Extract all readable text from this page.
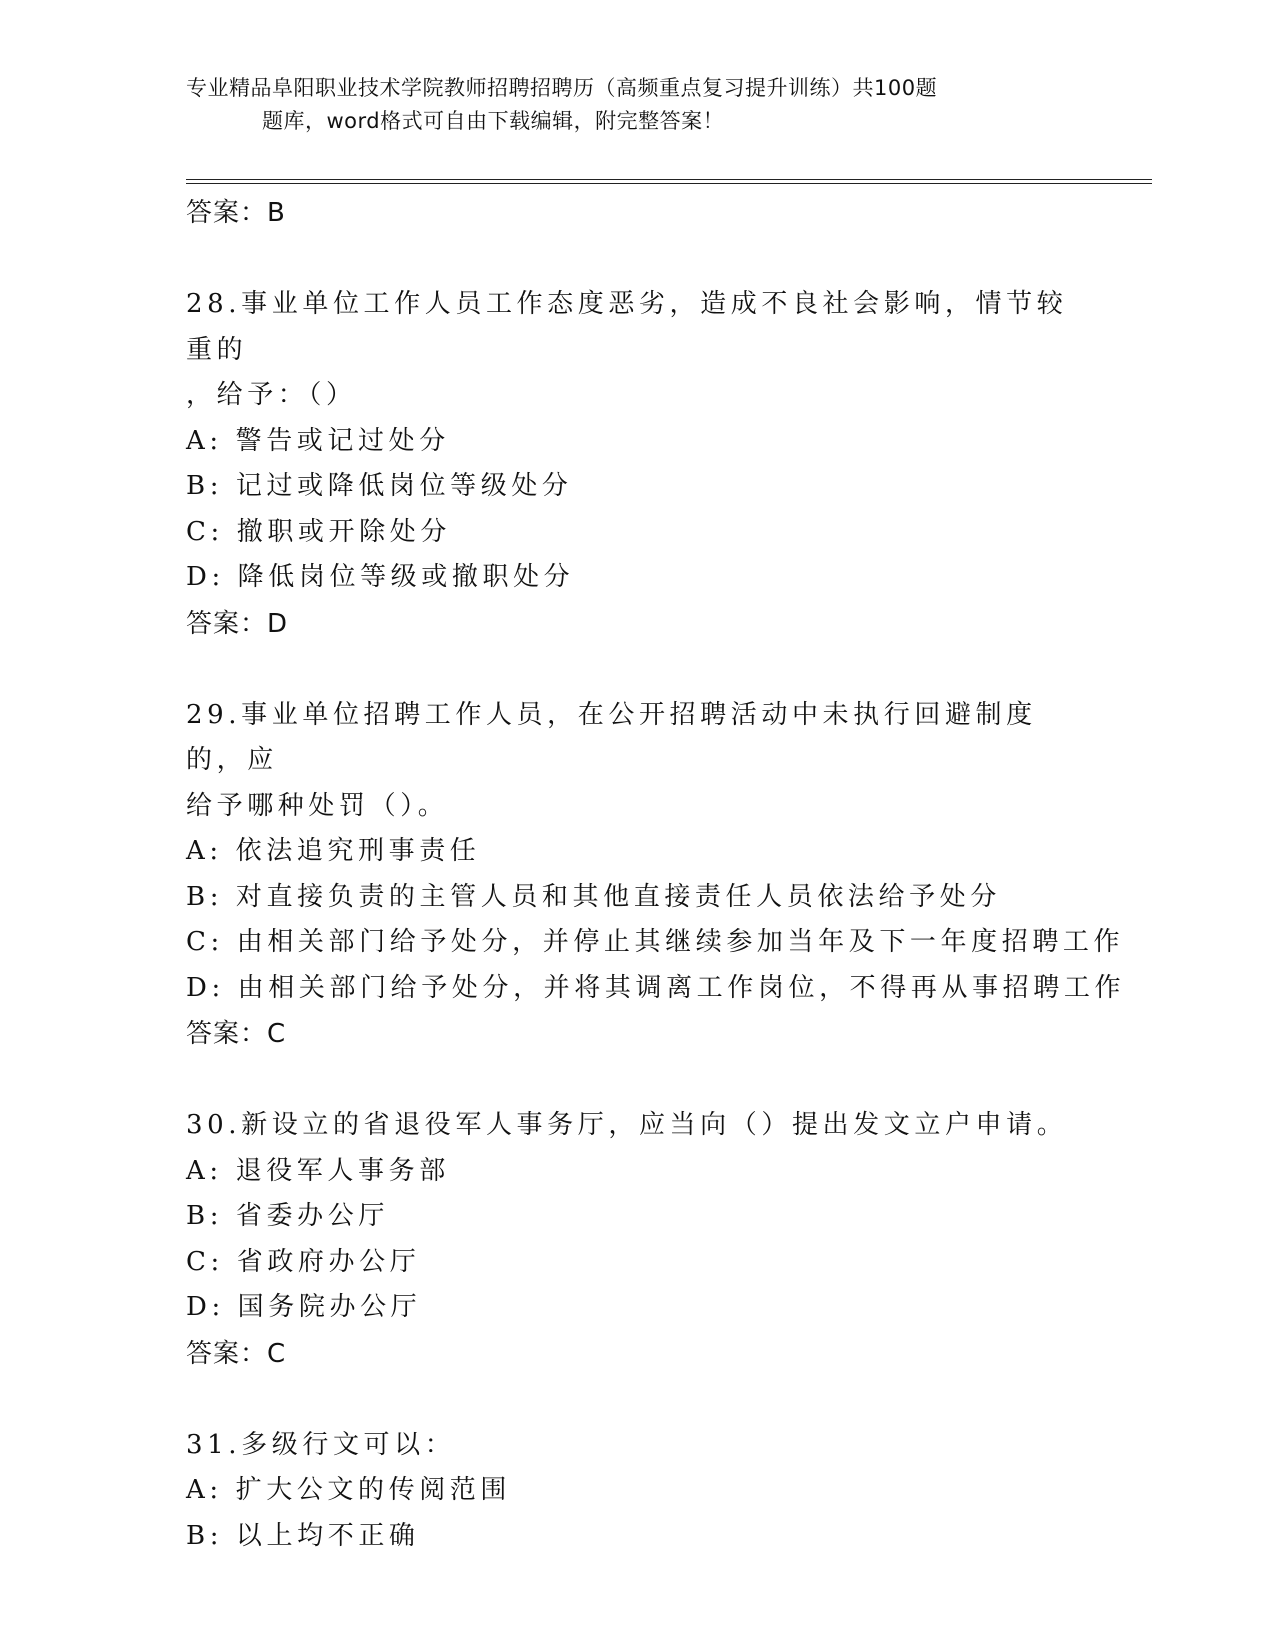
专业精品阜阳职业技术学院教师招聘招聘历（高频重点复习提升训练）共100题
题库，word格式可自由下载编辑，附完整答案！

答案：B

28.事业单位工作人员工作态度恶劣，造成不良社会影响，情节较重的

，给予：（）

A: 警告或记过处分

B: 记过或降低岗位等级处分

C: 撤职或开除处分

D: 降低岗位等级或撤职处分

答案：D

29.事业单位招聘工作人员，在公开招聘活动中未执行回避制度的，应

给予哪种处罚（）。

A: 依法追究刑事责任

B: 对直接负责的主管人员和其他直接责任人员依法给予处分

C: 由相关部门给予处分，并停止其继续参加当年及下一年度招聘工作

D: 由相关部门给予处分，并将其调离工作岗位，不得再从事招聘工作

答案：C

30.新设立的省退役军人事务厅，应当向（）提出发文立户申请。

A: 退役军人事务部

B: 省委办公厅

C: 省政府办公厅

D: 国务院办公厅

答案：C

31.多级行文可以：

A: 扩大公文的传阅范围

B: 以上均不正确
